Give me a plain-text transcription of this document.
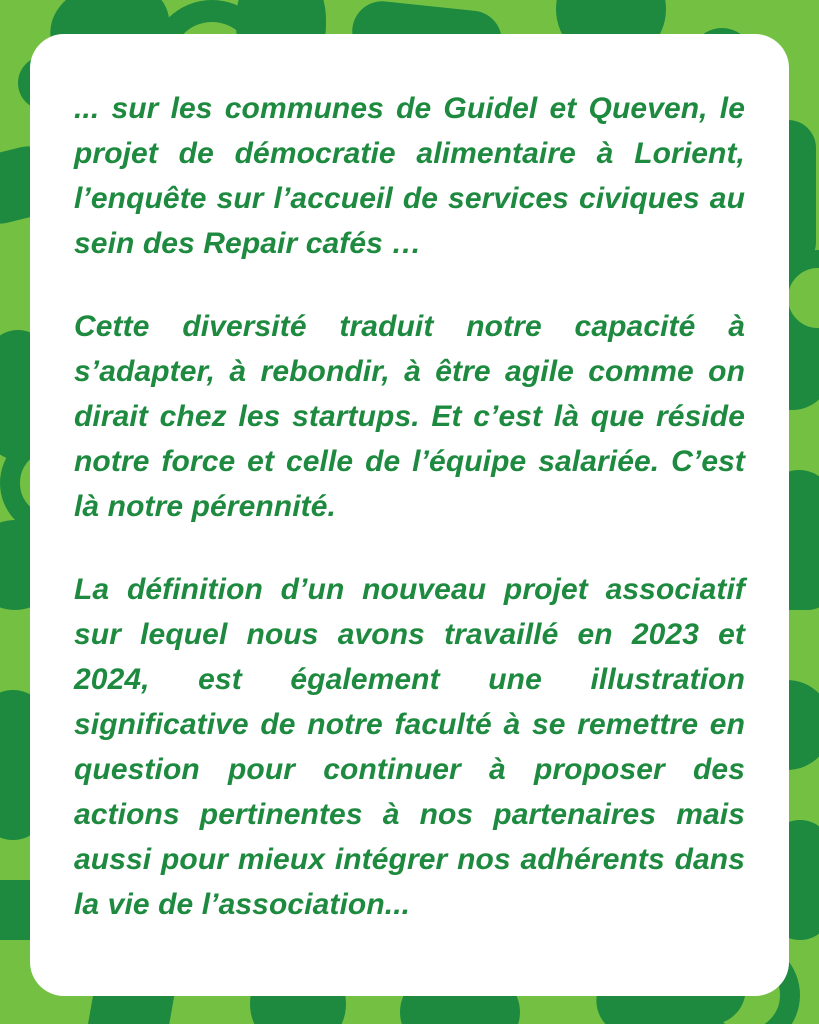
... sur les communes de Guidel et Queven, le projet de démocratie alimentaire à Lorient, l’enquête sur l’accueil de services civiques au sein des Repair cafés …

Cette diversité traduit notre capacité à s’adapter, à rebondir, à être agile comme on dirait chez les startups. Et c’est là que réside notre force et celle de l’équipe salariée. C’est là notre pérennité.

La définition d’un nouveau projet associatif sur lequel nous avons travaillé en 2023 et 2024, est également une illustration significative de notre faculté à se remettre en question pour continuer à proposer des actions pertinentes à nos partenaires mais aussi pour mieux intégrer nos adhérents dans la vie de l’association...
